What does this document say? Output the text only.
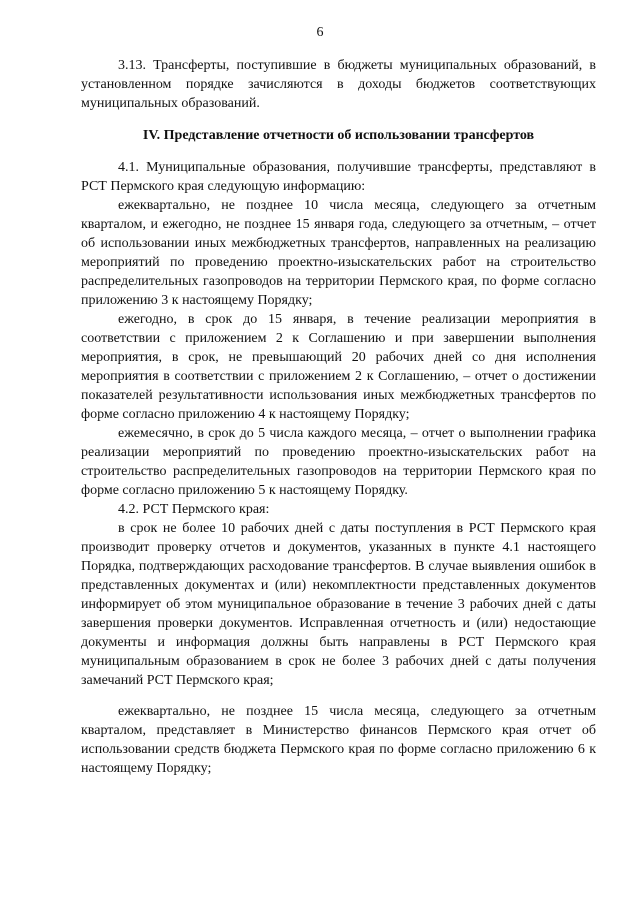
6

3.13. Трансферты, поступившие в бюджеты муниципальных образований, в установленном порядке зачисляются в доходы бюджетов соответствующих муниципальных образований.

IV. Представление отчетности об использовании трансфертов

4.1. Муниципальные образования, получившие трансферты, представляют в РСТ Пермского края следующую информацию:

ежеквартально, не позднее 10 числа месяца, следующего за отчетным кварталом, и ежегодно, не позднее 15 января года, следующего за отчетным, – отчет об использовании иных межбюджетных трансфертов, направленных на реализацию мероприятий по проведению проектно-изыскательских работ на строительство распределительных газопроводов на территории Пермского края, по форме согласно приложению 3 к настоящему Порядку;

ежегодно, в срок до 15 января, в течение реализации мероприятия в соответствии с приложением 2 к Соглашению и при завершении выполнения мероприятия, в срок, не превышающий 20 рабочих дней со дня исполнения мероприятия в соответствии с приложением 2 к Соглашению, – отчет о достижении показателей результативности использования иных межбюджетных трансфертов по форме согласно приложению 4 к настоящему Порядку;

ежемесячно, в срок до 5 числа каждого месяца, – отчет о выполнении графика реализации мероприятий по проведению проектно-изыскательских работ на строительство распределительных газопроводов на территории Пермского края по форме согласно приложению 5 к настоящему Порядку.

4.2. РСТ Пермского края:

в срок не более 10 рабочих дней с даты поступления в РСТ Пермского края производит проверку отчетов и документов, указанных в пункте 4.1 настоящего Порядка, подтверждающих расходование трансфертов. В случае выявления ошибок в представленных документах и (или) некомплектности представленных документов информирует об этом муниципальное образование в течение 3 рабочих дней с даты завершения проверки документов. Исправленная отчетность и (или) недостающие документы и информация должны быть направлены в РСТ Пермского края муниципальным образованием в срок не более 3 рабочих дней с даты получения замечаний РСТ Пермского края;

ежеквартально, не позднее 15 числа месяца, следующего за отчетным кварталом, представляет в Министерство финансов Пермского края отчет об использовании средств бюджета Пермского края по форме согласно приложению 6 к настоящему Порядку;
